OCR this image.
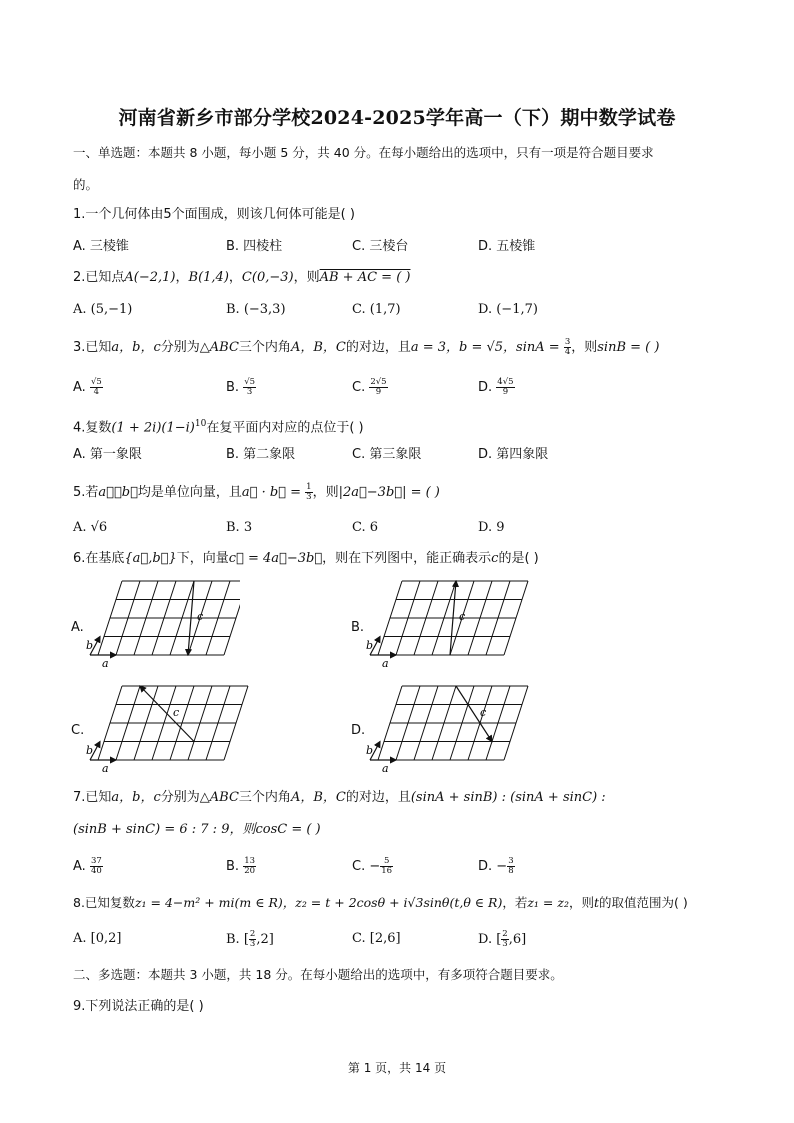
河南省新乡市部分学校2024-2025学年高一（下）期中数学试卷
一、单选题：本题共 8 小题，每小题 5 分，共 40 分。在每小题给出的选项中，只有一项是符合题目要求
的。
1.一个几何体由5个面围成，则该几何体可能是( )
A. 三棱锥	B. 四棱柱	C. 三棱台	D. 五棱锥
2.已知点A(−2,1)，B(1,4)，C(0,−3)，则AB + AC = ( )
A. (5,−1)	B. (−3,3)	C. (1,7)	D. (−1,7)
3.已知a，b，c分别为△ABC三个内角A，B，C的对边，且a = 3，b = √5，$\sin A = \frac{3}{4}$ ，则sinB = ( )
A. $\frac{√5}{4}$	B. $\frac{√5}{3}$	C. $\frac{2√5}{9}$	D. $\frac{4√5}{9}$
4.复数$(1 + 2i)(1-i)^{10}$在复平面内对应的点位于( )
A. 第一象限	B. 第二象限	C. 第三象限	D. 第四象限
5.若a⃗，b⃗均是单位向量，且a⃗ · b⃗ = $\frac{1}{3}$ ，则|2a⃗−3b⃗| = ( )
A. √6	B. 3	C. 6	D. 9
6.在基底{a⃗,b⃗}下，向量c⃗ = 4a⃗−3b⃗，则在下列图中，能正确表示c的是( )
A.	B.
C.	D.
a
b
c
a
b
c
a
b
c
a
b
c
7.已知a，b，c分别为△ABC三个内角A，B，C的对边，且(sinA + sinB) : (sinA + sinC) :
(sinB + sinC) = 6 : 7 : 9，则cosC = ( )
A. $\frac{37}{40}$	B. $\frac{13}{20}$	C. − $\frac{5}{16}$	D. − $\frac{3}{8}$
8.已知复数z₁ = 4−m² + mi(m ∈ R)，z₂ = t + 2cosθ + i√3sinθ(t,θ ∈ R)，若z₁ = z₂，则t的取值范围为( )
A. [0,2]	B. [ $\frac{2}{3} ,2$]	C. [2,6]	D. [ $\frac{2}{3} ,6$]
二、多选题：本题共 3 小题，共 18 分。在每小题给出的选项中，有多项符合题目要求。
9.下列说法正确的是( )
第 1 页，共 14 页
